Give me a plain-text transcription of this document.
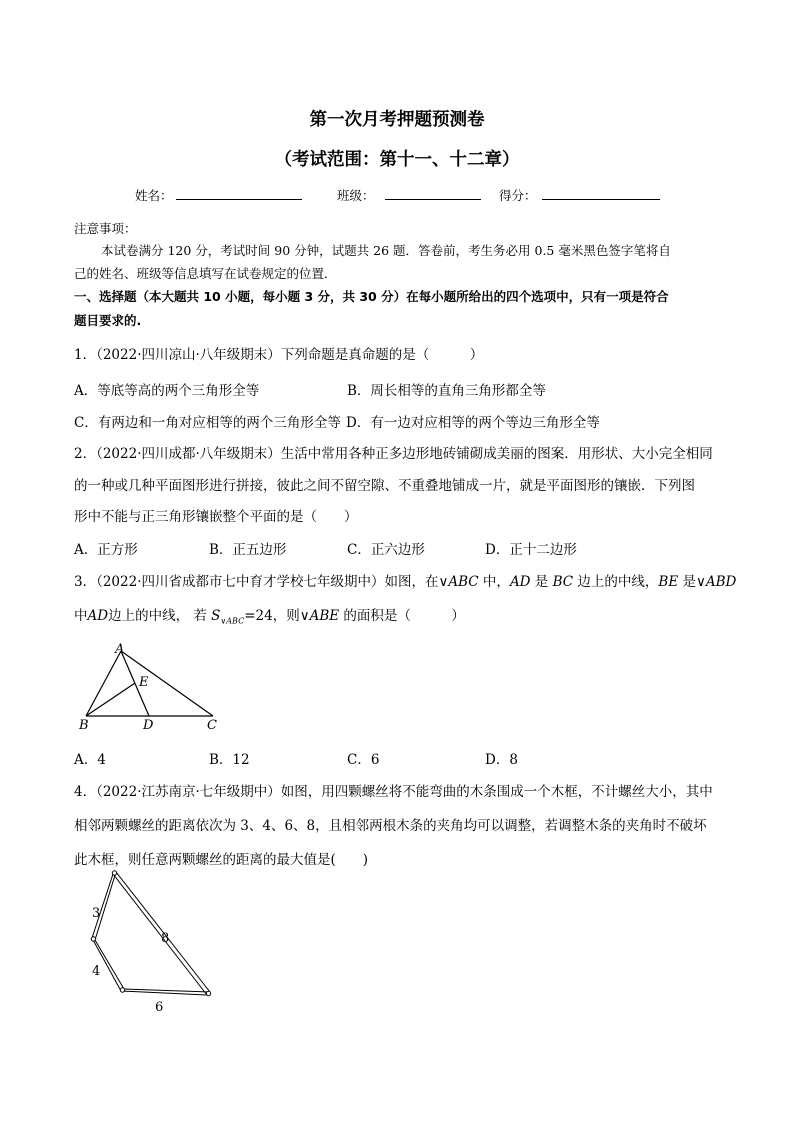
第一次月考押题预测卷
（考试范围：第十一、十二章）
姓名：	班级：	得分：
注意事项：
本试卷满分 120 分，考试时间 90 分钟，试题共 26 题．答卷前，考生务必用 0.5 毫米黑色签字笔将自
己的姓名、班级等信息填写在试卷规定的位置．
一、选择题（本大题共 10 小题，每小题 3 分，共 30 分）在每小题所给出的四个选项中，只有一项是符合
题目要求的.
1．（2022·四川凉山·八年级期末）下列命题是真命题的是（　　　）
A．等底等高的两个三角形全等	B．周长相等的直角三角形都全等
C．有两边和一角对应相等的两个三角形全等 D．有一边对应相等的两个等边三角形全等
2．（2022·四川成都·八年级期末）生活中常用各种正多边形地砖铺砌成美丽的图案．用形状、大小完全相同
的一种或几种平面图形进行拼接，彼此之间不留空隙、不重叠地铺成一片，就是平面图形的镶嵌．下列图
形中不能与正三角形镶嵌整个平面的是（　　）
A．正方形	B．正五边形	C．正六边形	D．正十二边形
3．（2022·四川省成都市七中育才学校七年级期中）如图，在∨ABC 中，AD 是 BC 边上的中线，BE 是∨ABD
中AD边上的中线， 若 $S_{\vee ABC}=24$，则∨ABE 的面积是（　　　）
A
E
B	D	C
A．4	B．12	C．6	D．8
4．（2022·江苏南京·七年级期中）如图，用四颗螺丝将不能弯曲的木条围成一个木框，不计螺丝大小，其中
相邻两颗螺丝的距离依次为 3、4、6、8，且相邻两根木条的夹角均可以调整，若调整木条的夹角时不破坏
此木框，则任意两颗螺丝的距离的最大值是(　　)
3
8
4
6
